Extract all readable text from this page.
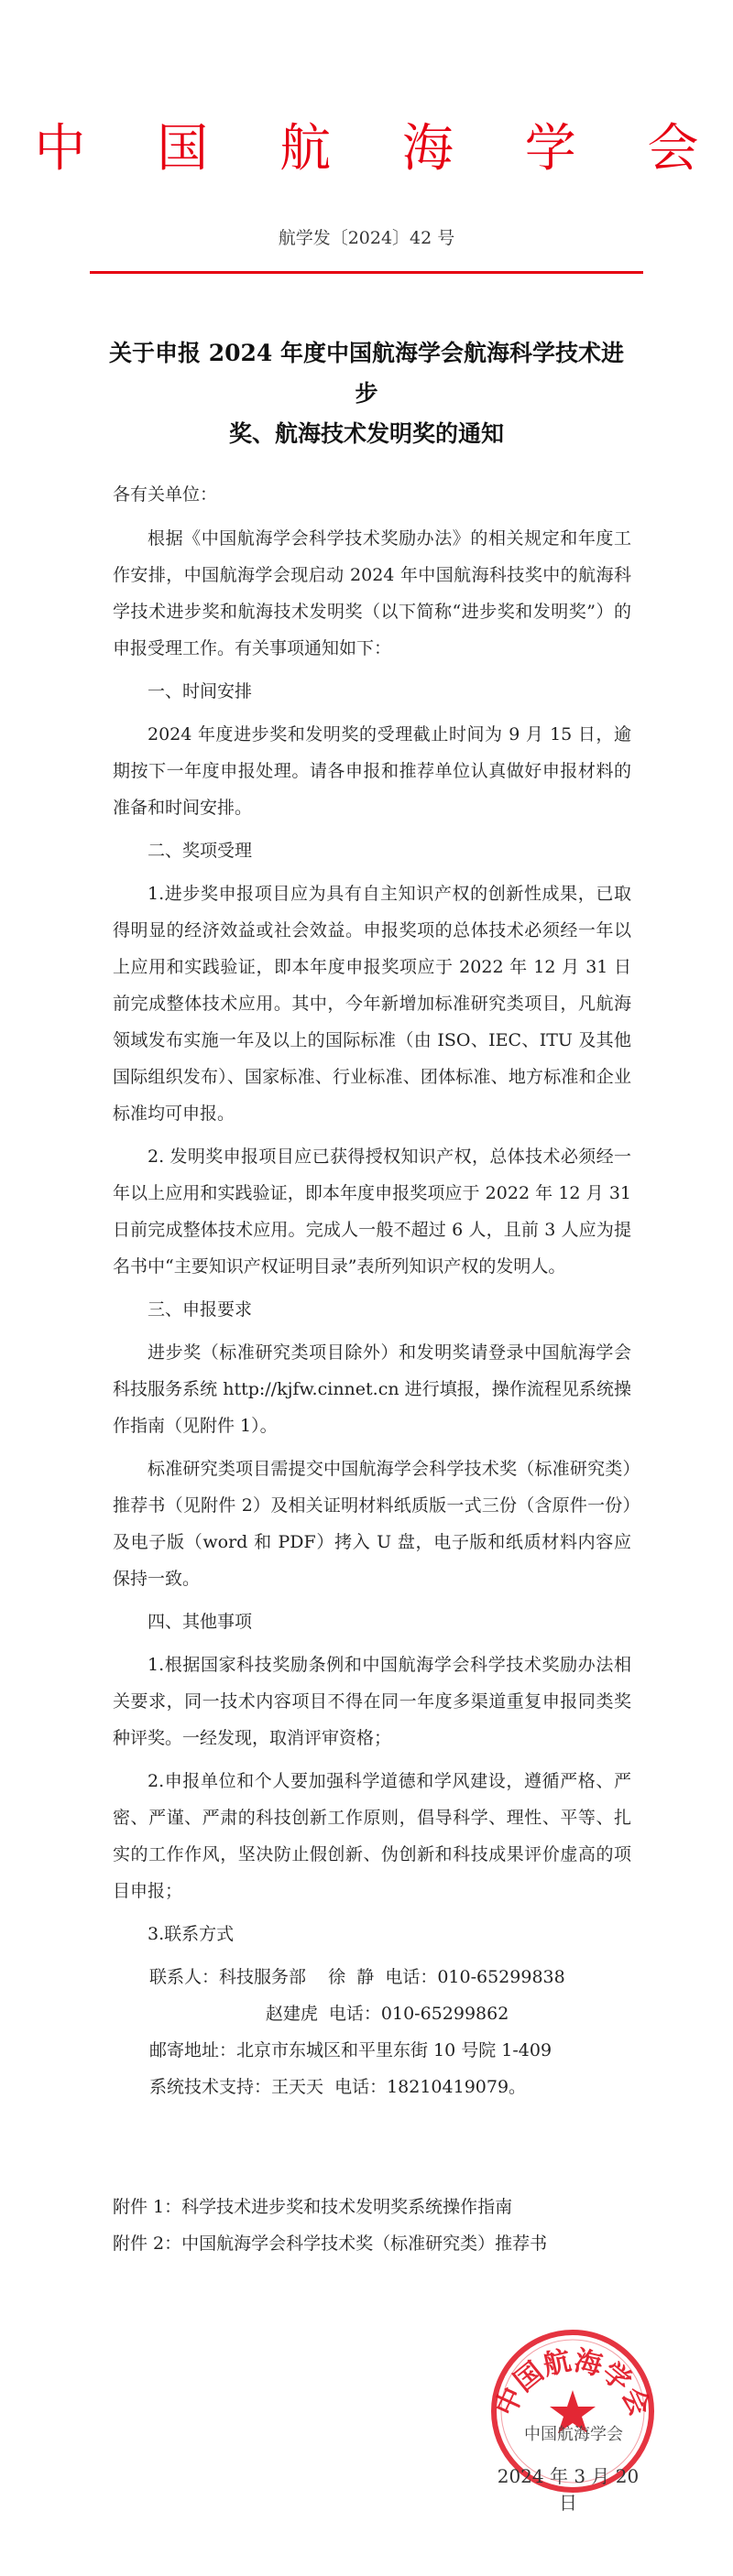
中 国 航 海 学 会
航学发〔2024〕42 号
关于申报 2024 年度中国航海学会航海科学技术进步
奖、航海技术发明奖的通知

各有关单位：

根据《中国航海学会科学技术奖励办法》的相关规定和年度工作安排，中国航海学会现启动 2024 年中国航海科技奖中的航海科学技术进步奖和航海技术发明奖（以下简称“进步奖和发明奖”）的申报受理工作。有关事项通知如下：

一、时间安排

2024 年度进步奖和发明奖的受理截止时间为 9 月 15 日，逾期按下一年度申报处理。请各申报和推荐单位认真做好申报材料的准备和时间安排。

二、奖项受理

1.进步奖申报项目应为具有自主知识产权的创新性成果，已取得明显的经济效益或社会效益。申报奖项的总体技术必须经一年以上应用和实践验证，即本年度申报奖项应于 2022 年 12 月 31 日前完成整体技术应用。其中，今年新增加标准研究类项目，凡航海领域发布实施一年及以上的国际标准（由 ISO、IEC、ITU 及其他国际组织发布）、国家标准、行业标准、团体标准、地方标准和企业标准均可申报。

2. 发明奖申报项目应已获得授权知识产权，总体技术必须经一年以上应用和实践验证，即本年度申报奖项应于 2022 年 12 月 31 日前完成整体技术应用。完成人一般不超过 6 人，且前 3 人应为提名书中“主要知识产权证明目录”表所列知识产权的发明人。

三、申报要求

进步奖（标准研究类项目除外）和发明奖请登录中国航海学会科技服务系统 http://kjfw.cinnet.cn 进行填报，操作流程见系统操作指南（见附件 1）。

标准研究类项目需提交中国航海学会科学技术奖（标准研究类）推荐书（见附件 2）及相关证明材料纸质版一式三份（含原件一份）及电子版（word 和 PDF）拷入 U 盘，电子版和纸质材料内容应保持一致。

四、其他事项

1.根据国家科技奖励条例和中国航海学会科学技术奖励办法相关要求，同一技术内容项目不得在同一年度多渠道重复申报同类奖种评奖。一经发现，取消评审资格；

2.申报单位和个人要加强科学道德和学风建设，遵循严格、严密、严谨、严肃的科技创新工作原则，倡导科学、理性、平等、扎实的工作作风，坚决防止假创新、伪创新和科技成果评价虚高的项目申报；

3.联系方式

联系人：科技服务部    徐  静  电话：010-65299838

赵建虎  电话：010-65299862

邮寄地址：北京市东城区和平里东街 10 号院 1-409

系统技术支持：王天天  电话：18210419079。

附件 1：科学技术进步奖和技术发明奖系统操作指南
附件 2：中国航海学会科学技术奖（标准研究类）推荐书
中国航海学会
中国航海学会
2024 年 3 月 20 日
